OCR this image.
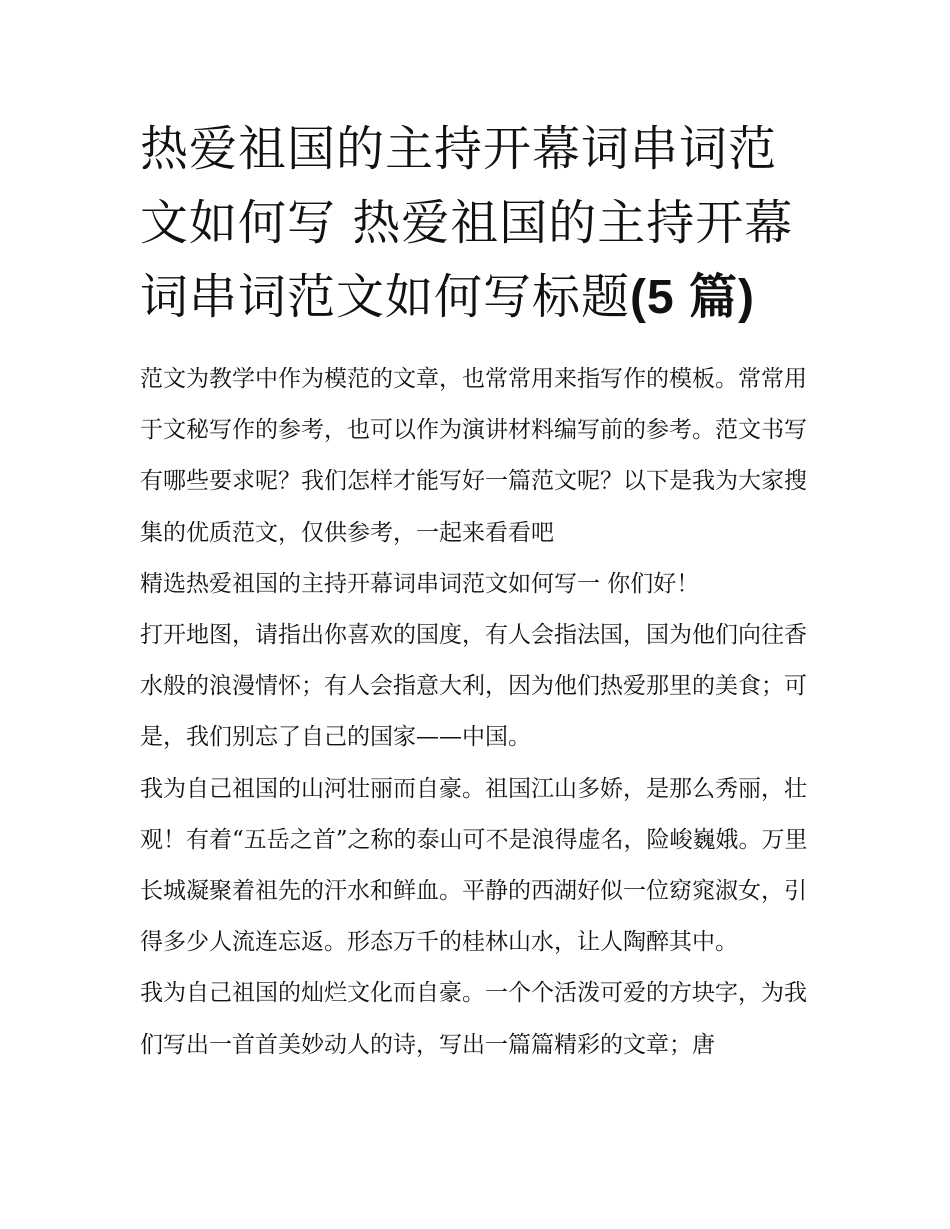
热爱祖国的主持开幕词串词范文如何写 热爱祖国的主持开幕词串词范文如何写标题(5 篇)

范文为教学中作为模范的文章，也常常用来指写作的模板。常常用于文秘写作的参考，也可以作为演讲材料编写前的参考。范文书写有哪些要求呢？我们怎样才能写好一篇范文呢？以下是我为大家搜集的优质范文，仅供参考，一起来看看吧

精选热爱祖国的主持开幕词串词范文如何写一 你们好！

打开地图，请指出你喜欢的国度，有人会指法国，国为他们向往香水般的浪漫情怀；有人会指意大利，因为他们热爱那里的美食；可是，我们别忘了自己的国家——中国。

我为自己祖国的山河壮丽而自豪。祖国江山多娇，是那么秀丽，壮观！有着“五岳之首”之称的泰山可不是浪得虚名，险峻巍娥。万里长城凝聚着祖先的汗水和鲜血。平静的西湖好似一位窈窕淑女，引得多少人流连忘返。形态万千的桂林山水，让人陶醉其中。

我为自己祖国的灿烂文化而自豪。一个个活泼可爱的方块字，为我们写出一首首美妙动人的诗，写出一篇篇精彩的文章；唐
